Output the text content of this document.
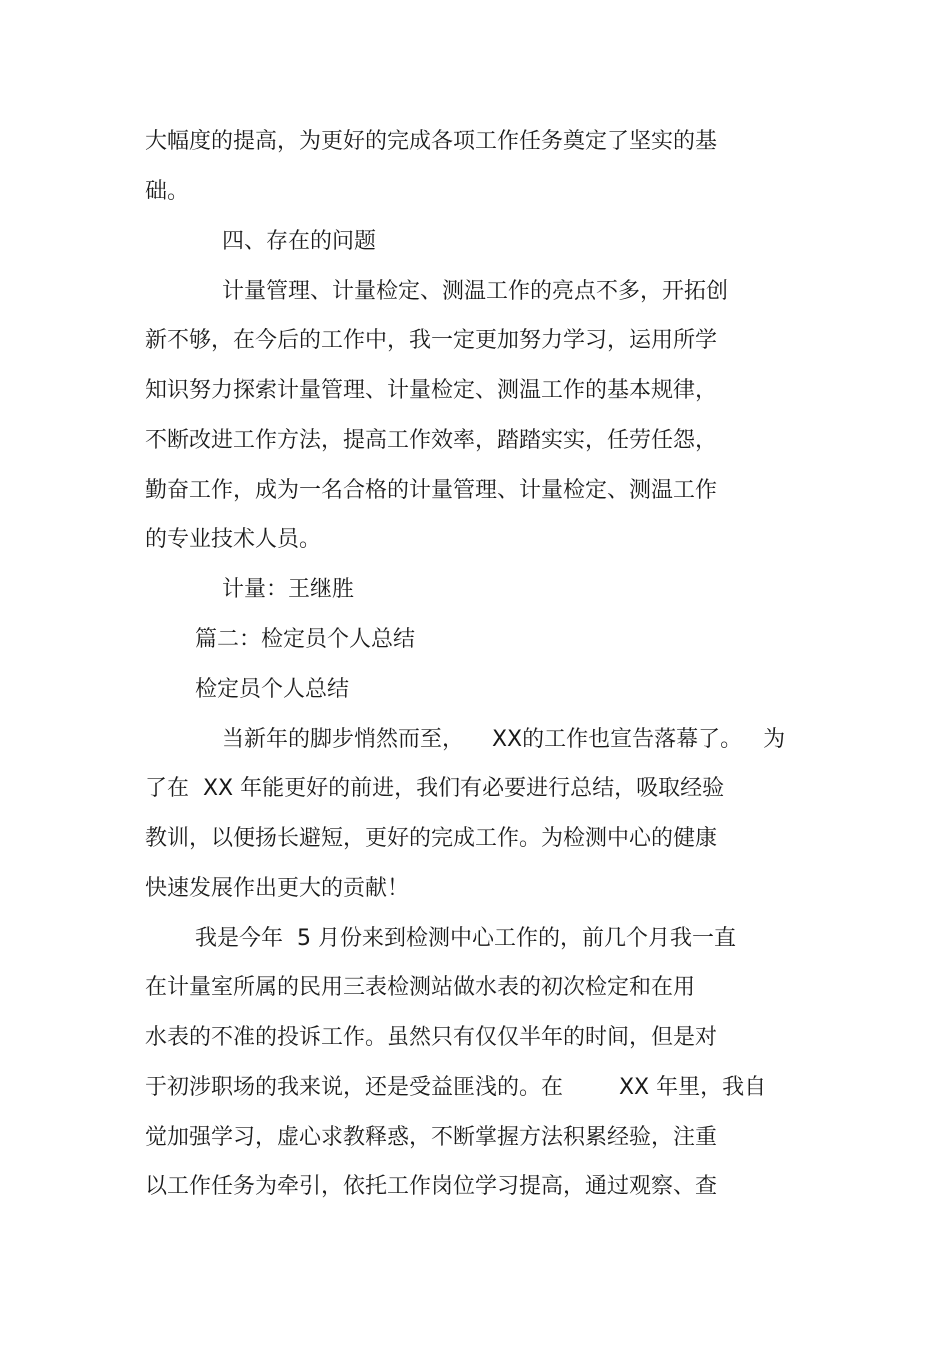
大幅度的提高，为更好的完成各项工作任务奠定了坚实的基

础。

四、存在的问题

计量管理、计量检定、测温工作的亮点不多，开拓创

新不够，在今后的工作中，我一定更加努力学习，运用所学

知识努力探索计量管理、计量检定、测温工作的基本规律，

不断改进工作方法，提高工作效率，踏踏实实，任劳任怨，

勤奋工作，成为一名合格的计量管理、计量检定、测温工作

的专业技术人员。

计量：王继胜

篇二：检定员个人总结

检定员个人总结

当新年的脚步悄然而至，    XX的工作也宣告落幕了。   为

了在  XX 年能更好的前进，我们有必要进行总结，吸取经验

教训，以便扬长避短，更好的完成工作。为检测中心的健康

快速发展作出更大的贡献！

我是今年  5 月份来到检测中心工作的，前几个月我一直

在计量室所属的民用三表检测站做水表的初次检定和在用

水表的不准的投诉工作。虽然只有仅仅半年的时间，但是对

于初涉职场的我来说，还是受益匪浅的。在        XX 年里，我自

觉加强学习，虚心求教释惑，不断掌握方法积累经验，注重

以工作任务为牵引，依托工作岗位学习提高，通过观察、查
